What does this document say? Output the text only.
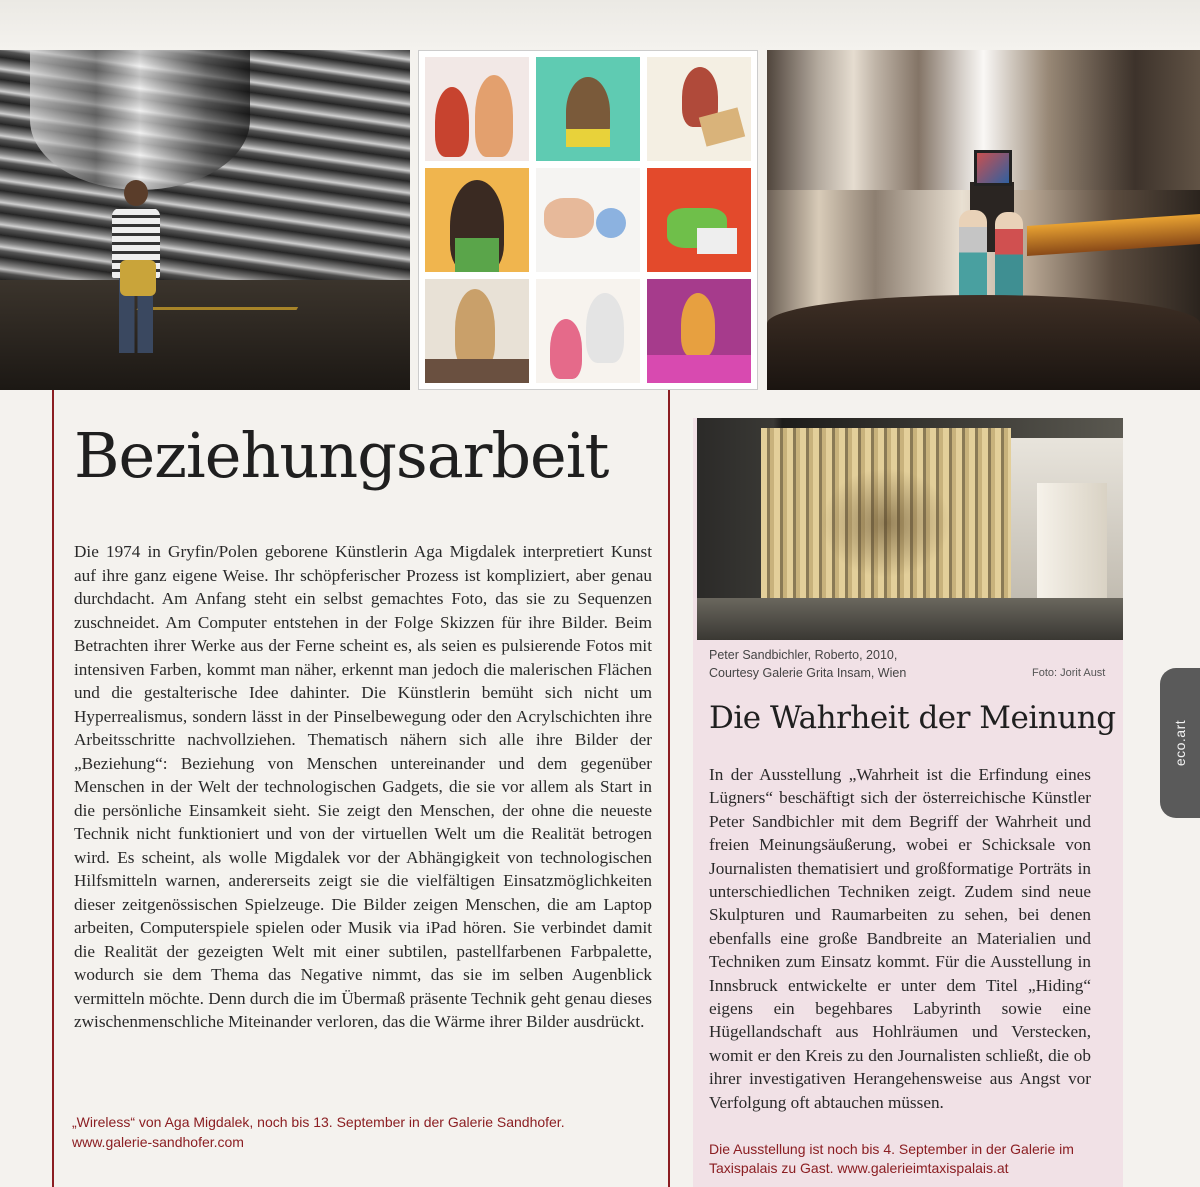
Beziehungsarbeit

Die 1974 in Gryfin/Polen geborene Künstlerin Aga Migdalek interpretiert Kunst auf ihre ganz eigene Weise. Ihr schöpferischer Prozess ist kompliziert, aber genau durchdacht. Am Anfang steht ein selbst gemachtes Foto, das sie zu Sequenzen zuschneidet. Am Computer entstehen in der Folge Skizzen für ihre Bilder. Beim Betrachten ihrer Werke aus der Ferne scheint es, als seien es pulsierende Fotos mit intensiven Farben, kommt man näher, erkennt man jedoch die malerischen Flächen und die gestalterische Idee dahinter. Die Künstlerin bemüht sich nicht um Hyperrealismus, sondern lässt in der Pinselbewegung oder den Acrylschichten ihre Arbeitsschritte nachvollziehen. Thematisch nähern sich alle ihre Bilder der „Beziehung“: Beziehung von Menschen untereinander und dem gegenüber Menschen in der Welt der technologischen Gadgets, die sie vor allem als Start in die persönliche Einsamkeit sieht. Sie zeigt den Menschen, der ohne die neueste Technik nicht funktioniert und von der virtuellen Welt um die Realität betrogen wird. Es scheint, als wolle Migdalek vor der Abhängigkeit von technologischen Hilfsmitteln warnen, andererseits zeigt sie die vielfältigen Einsatzmöglichkeiten dieser zeitgenössischen Spielzeuge. Die Bilder zeigen Menschen, die am Laptop arbeiten, Computerspiele spielen oder Musik via iPad hören. Sie verbindet damit die Realität der gezeigten Welt mit einer subtilen, pastellfarbenen Farbpalette, wodurch sie dem Thema das Negative nimmt, das sie im selben Augenblick vermitteln möchte. Denn durch die im Übermaß präsente Technik geht genau dieses zwischenmenschliche Miteinander verloren, das die Wärme ihrer Bilder ausdrückt.

„Wireless“ von Aga Migdalek, noch bis 13. September in der Galerie Sandhofer.
www.galerie-sandhofer.com
Peter Sandbichler, Roberto, 2010,
Courtesy Galerie Grita Insam, Wien	Foto: Jorit Aust
Die Wahrheit der Meinung

In der Ausstellung „Wahrheit ist die Erfindung eines Lügners“ beschäftigt sich der österreichische Künstler Peter Sandbichler mit dem Begriff der Wahrheit und freien Meinungsäußerung, wobei er Schicksale von Journalisten thematisiert und großformatige Porträts in unterschiedlichen Techniken zeigt. Zudem sind neue Skulpturen und Raumarbeiten zu sehen, bei denen ebenfalls eine große Bandbreite an Materialien und Techniken zum Einsatz kommt. Für die Ausstellung in Innsbruck entwickelte er unter dem Titel „Hiding“ eigens ein begehbares Labyrinth sowie eine Hügellandschaft aus Hohlräumen und Verstecken, womit er den Kreis zu den Journalisten schließt, die ob ihrer investigativen Herangehensweise aus Angst vor Verfolgung oft abtauchen müssen.

Die Ausstellung ist noch bis 4. September in der Galerie im
Taxispalais zu Gast. www.galerieimtaxispalais.at
eco.art
